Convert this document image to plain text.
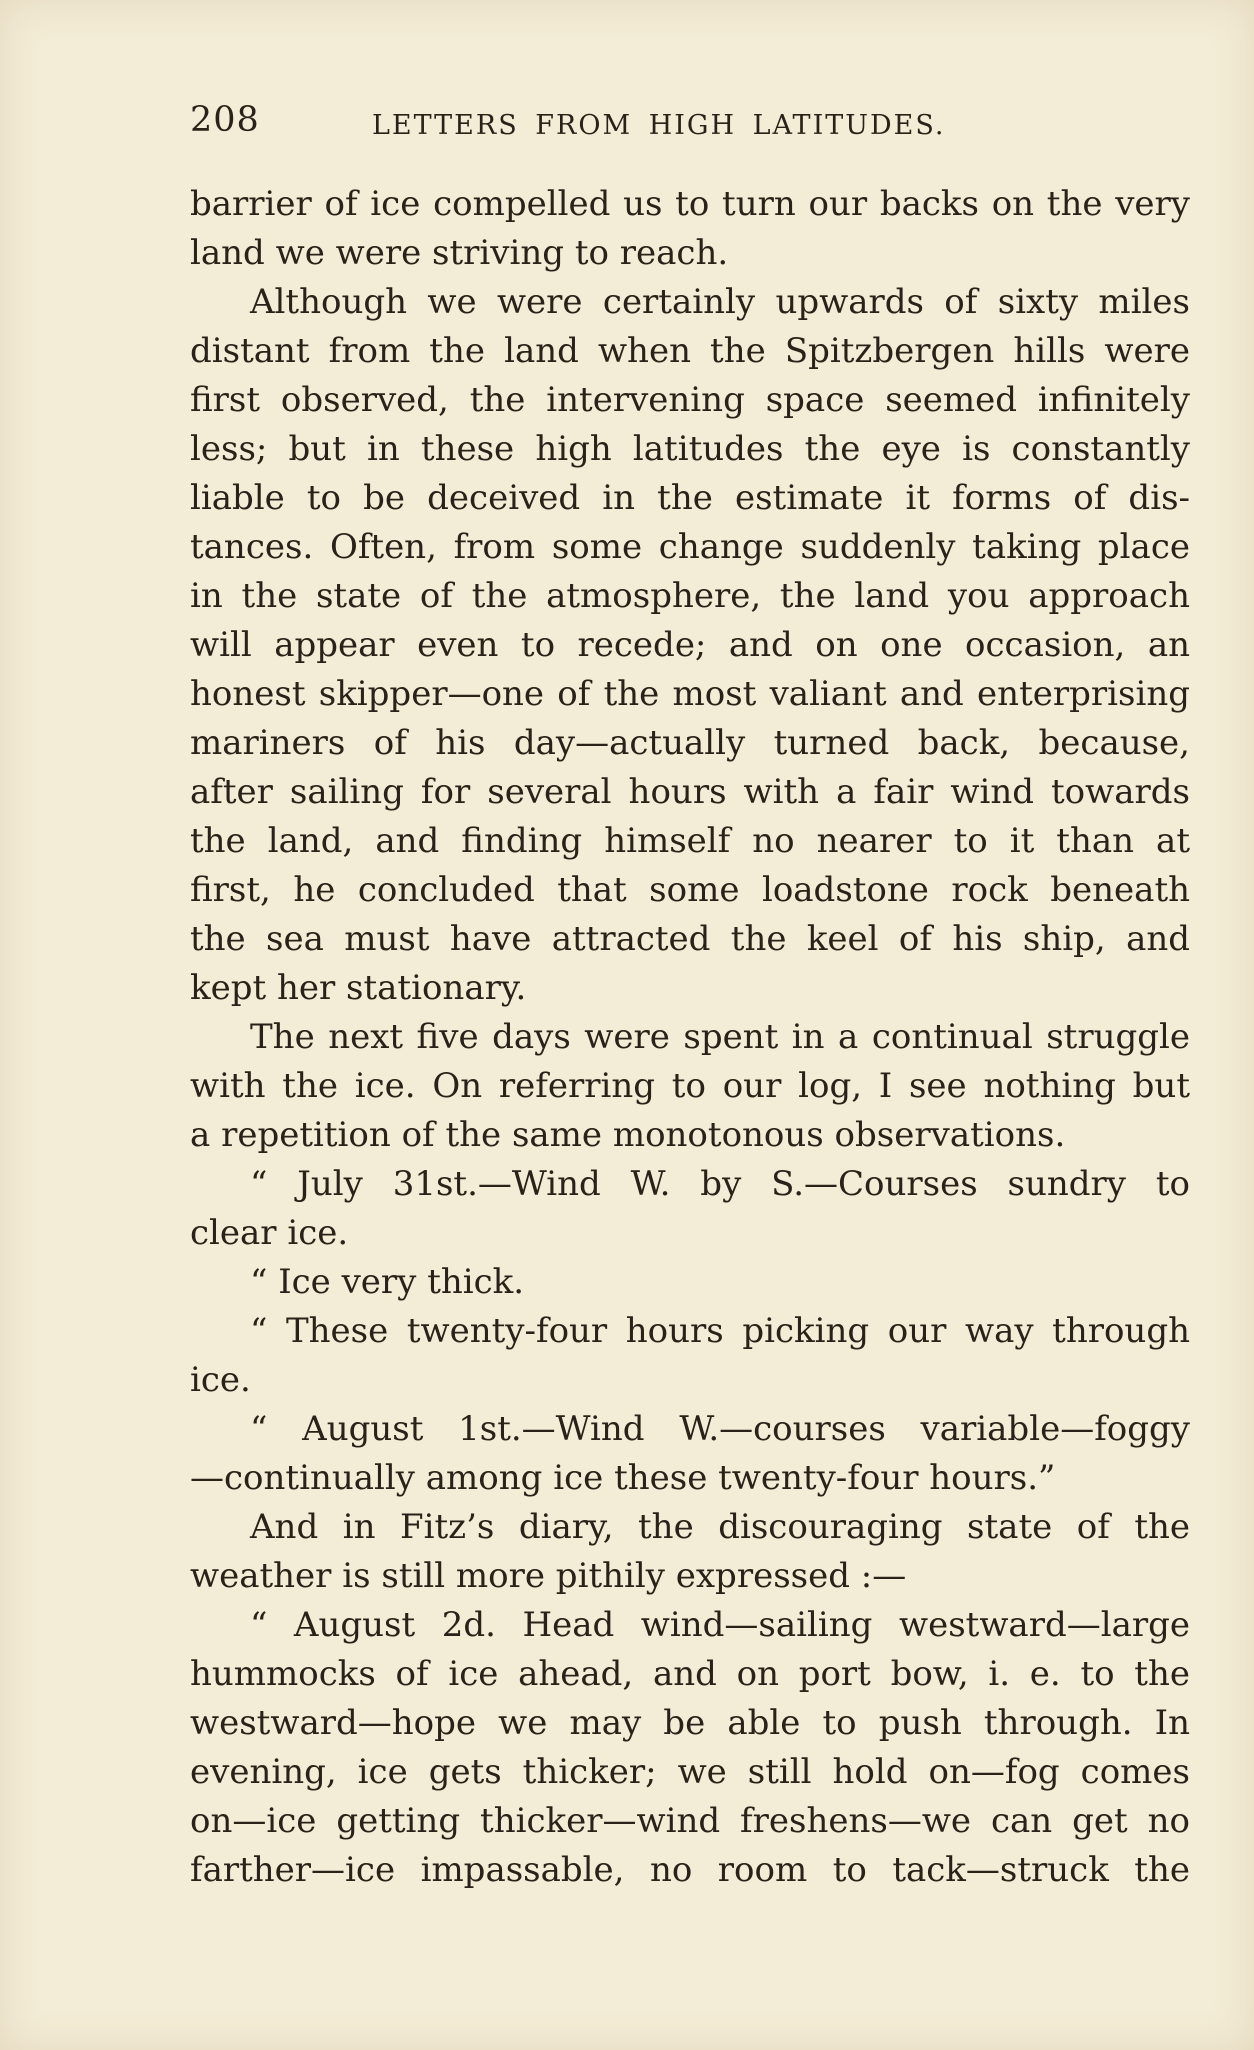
208	LETTERS FROM HIGH LATITUDES.
barrier of ice compelled us to turn our backs on the very
land we were striving to reach.
Although we were certainly upwards of sixty miles
distant from the land when the Spitzbergen hills were
first observed, the intervening space seemed infinitely
less; but in these high latitudes the eye is constantly
liable to be deceived in the estimate it forms of dis-
tances. Often, from some change suddenly taking place
in the state of the atmosphere, the land you approach
will appear even to recede; and on one occasion, an
honest skipper—one of the most valiant and enterprising
mariners of his day—actually turned back, because,
after sailing for several hours with a fair wind towards
the land, and finding himself no nearer to it than at
first, he concluded that some loadstone rock beneath
the sea must have attracted the keel of his ship, and
kept her stationary.
The next five days were spent in a continual struggle
with the ice. On referring to our log, I see nothing but
a repetition of the same monotonous observations.
“ July 31st.—Wind W. by S.—Courses sundry to
clear ice.
“ Ice very thick.
“ These twenty-four hours picking our way through
ice.
“ August 1st.—Wind W.—courses variable—foggy
—continually among ice these twenty-four hours.”
And in Fitz’s diary, the discouraging state of the
weather is still more pithily expressed :—
“ August 2d. Head wind—sailing westward—large
hummocks of ice ahead, and on port bow, i. e. to the
westward—hope we may be able to push through. In
evening, ice gets thicker; we still hold on—fog comes
on—ice getting thicker—wind freshens—we can get no
farther—ice impassable, no room to tack—struck the
